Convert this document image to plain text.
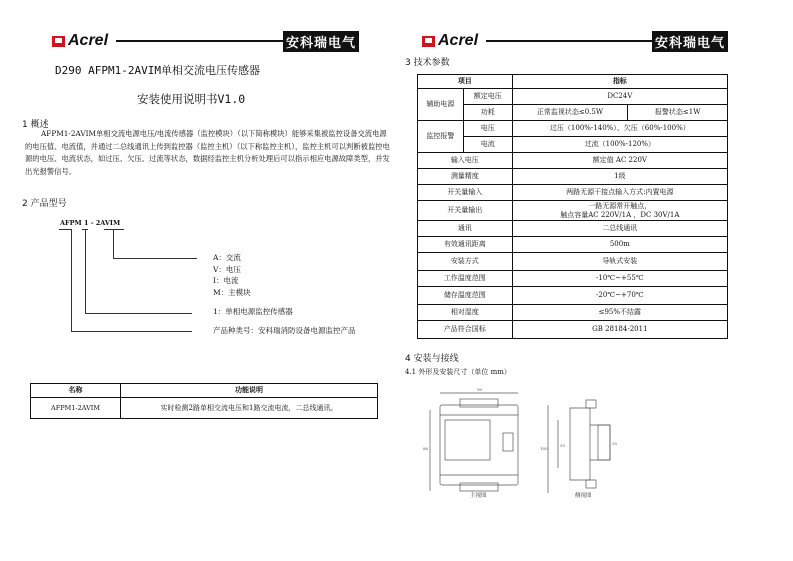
Acrel	安科瑞电气
D290 AFPM1-2AVIM单相交流电压传感器
安装使用说明书V1.0
1 概述
AFPM1-2AVIM单相交流电源电压/电流传感器（监控模块）（以下简称模块）能够采集被监控设备交流电源的电压值、电流值，并通过二总线通讯上传到监控器（监控主机）（以下称监控主机），监控主机可以判断被监控电源的电压、电流状态，如过压、欠压、过流等状态，数据经监控主机分析处理后可以指示相应电源故障类型，并发出光报警信号。
2 产品型号
AFPM 1 - 2AVIM
A：交流
V：电压
I：电流
M：主模块
1：单相电源监控传感器
产品种类号：安科瑞消防设备电源监控产品
名称	功能说明
AFPM1-2AVIM	实时检测2路单相交流电压和1路交流电流，二总线通讯。
Acrel	安科瑞电气
3 技术参数
项目		指标	
辅助电源	额定电压	DC24V	
	功耗	正常监视状态≤0.5W	报警状态≤1W
监控报警	电压	过压（100%-140%）、欠压（60%-100%）	
	电流	过流（100%-120%）	
输入电压		额定值 AC 220V	
测量精度		1级	
开关量输入		两路无源干接点输入方式:内置电源	
开关量输出		一路无源常开触点，
触点容量AC 220V/1A ，DC 30V/1A	
通讯		二总线通讯	
有效通讯距离		500m	
安装方式		导轨式安装	
工作温度范围		-10℃~+55℃	
储存温度范围		-20℃~+70℃	
相对湿度		≤95%不结露	
产品符合国标		GB 28184-2011	
4 安装与接线
4.1 外形及安装尺寸（单位 mm）
90
86	105
53	35
主视图	侧视图
